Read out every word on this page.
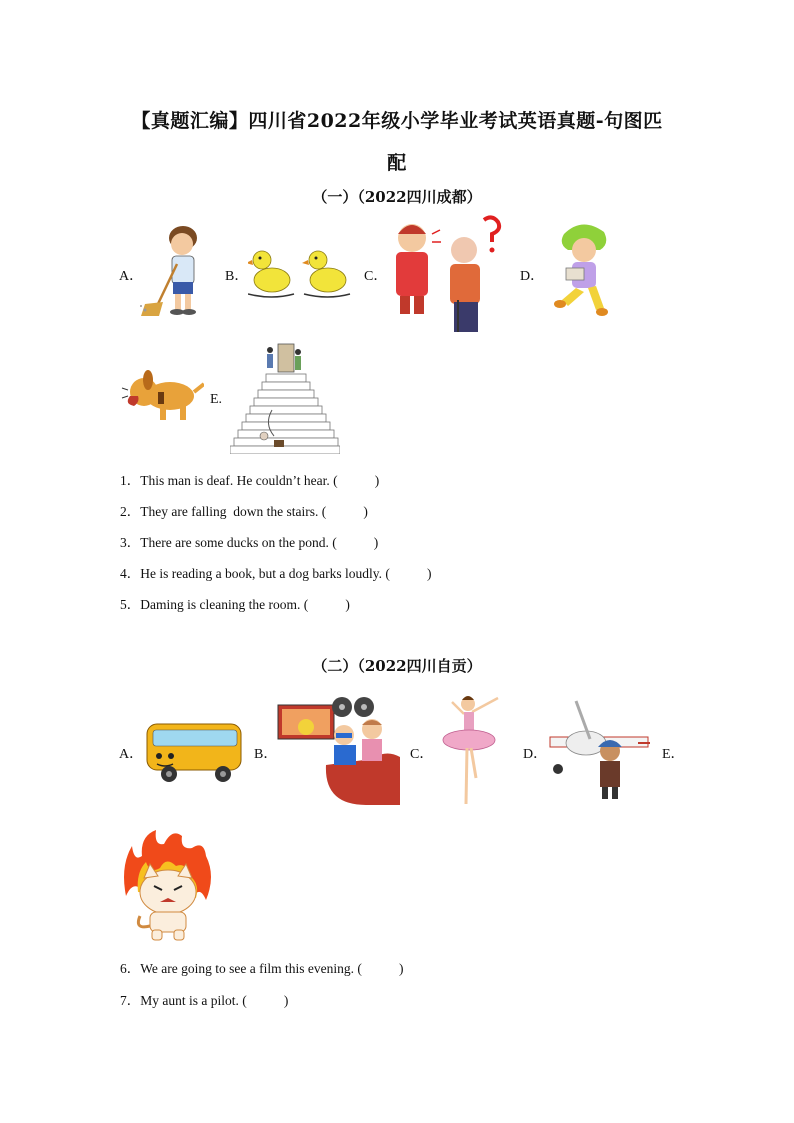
【真题汇编】四川省2022年级小学毕业考试英语真题-句图匹
配
（一）（2022四川成都）
A．	B．	C．	D．
E.
1．This man is deaf. He couldn’t hear. (           )
2．They are falling  down the stairs. (           )
3．There are some ducks on the pond. (           )
4．He is reading a book, but a dog barks loudly. (           )
5．Daming is cleaning the room. (           )
（二）（2022四川自贡）
A．	B．	C．	D．	E．
6．We are going to see a film this evening. (           )
7．My aunt is a pilot. (           )
